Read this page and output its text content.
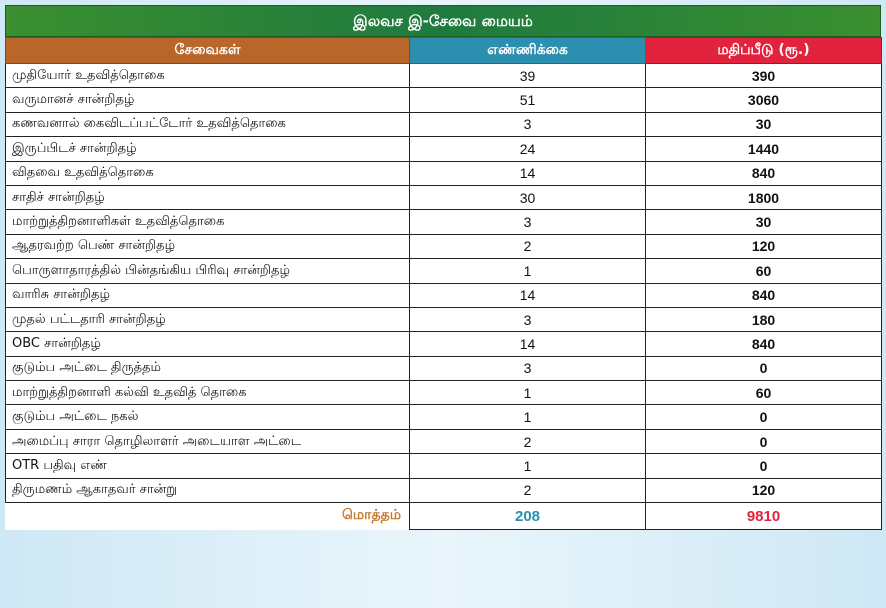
இலவச இ-சேவை மையம்
சேவைகள்	எண்ணிக்கை	மதிப்பீடு (ரூ.)
முதியோர் உதவித்தொகை	39	390
வருமானச் சான்றிதழ்	51	3060
கணவனால் கைவிடப்பட்டோர் உதவித்தொகை	3	30
இருப்பிடச் சான்றிதழ்	24	1440
விதவை உதவித்தொகை	14	840
சாதிச் சான்றிதழ்	30	1800
மாற்றுத்திறனாளிகள் உதவித்தொகை	3	30
ஆதரவற்ற பெண் சான்றிதழ்	2	120
பொருளாதாரத்தில் பின்தங்கிய பிரிவு சான்றிதழ்	1	60
வாரிசு சான்றிதழ்	14	840
முதல் பட்டதாரி சான்றிதழ்	3	180
OBC சான்றிதழ்	14	840
குடும்ப அட்டை திருத்தம்	3	0
மாற்றுத்திறனாளி கல்வி உதவித் தொகை	1	60
குடும்ப அட்டை நகல்	1	0
அமைப்பு சாரா தொழிலாளர் அடையாள அட்டை	2	0
OTR பதிவு எண்	1	0
திருமணம் ஆகாதவர் சான்று	2	120
மொத்தம்	208	9810
